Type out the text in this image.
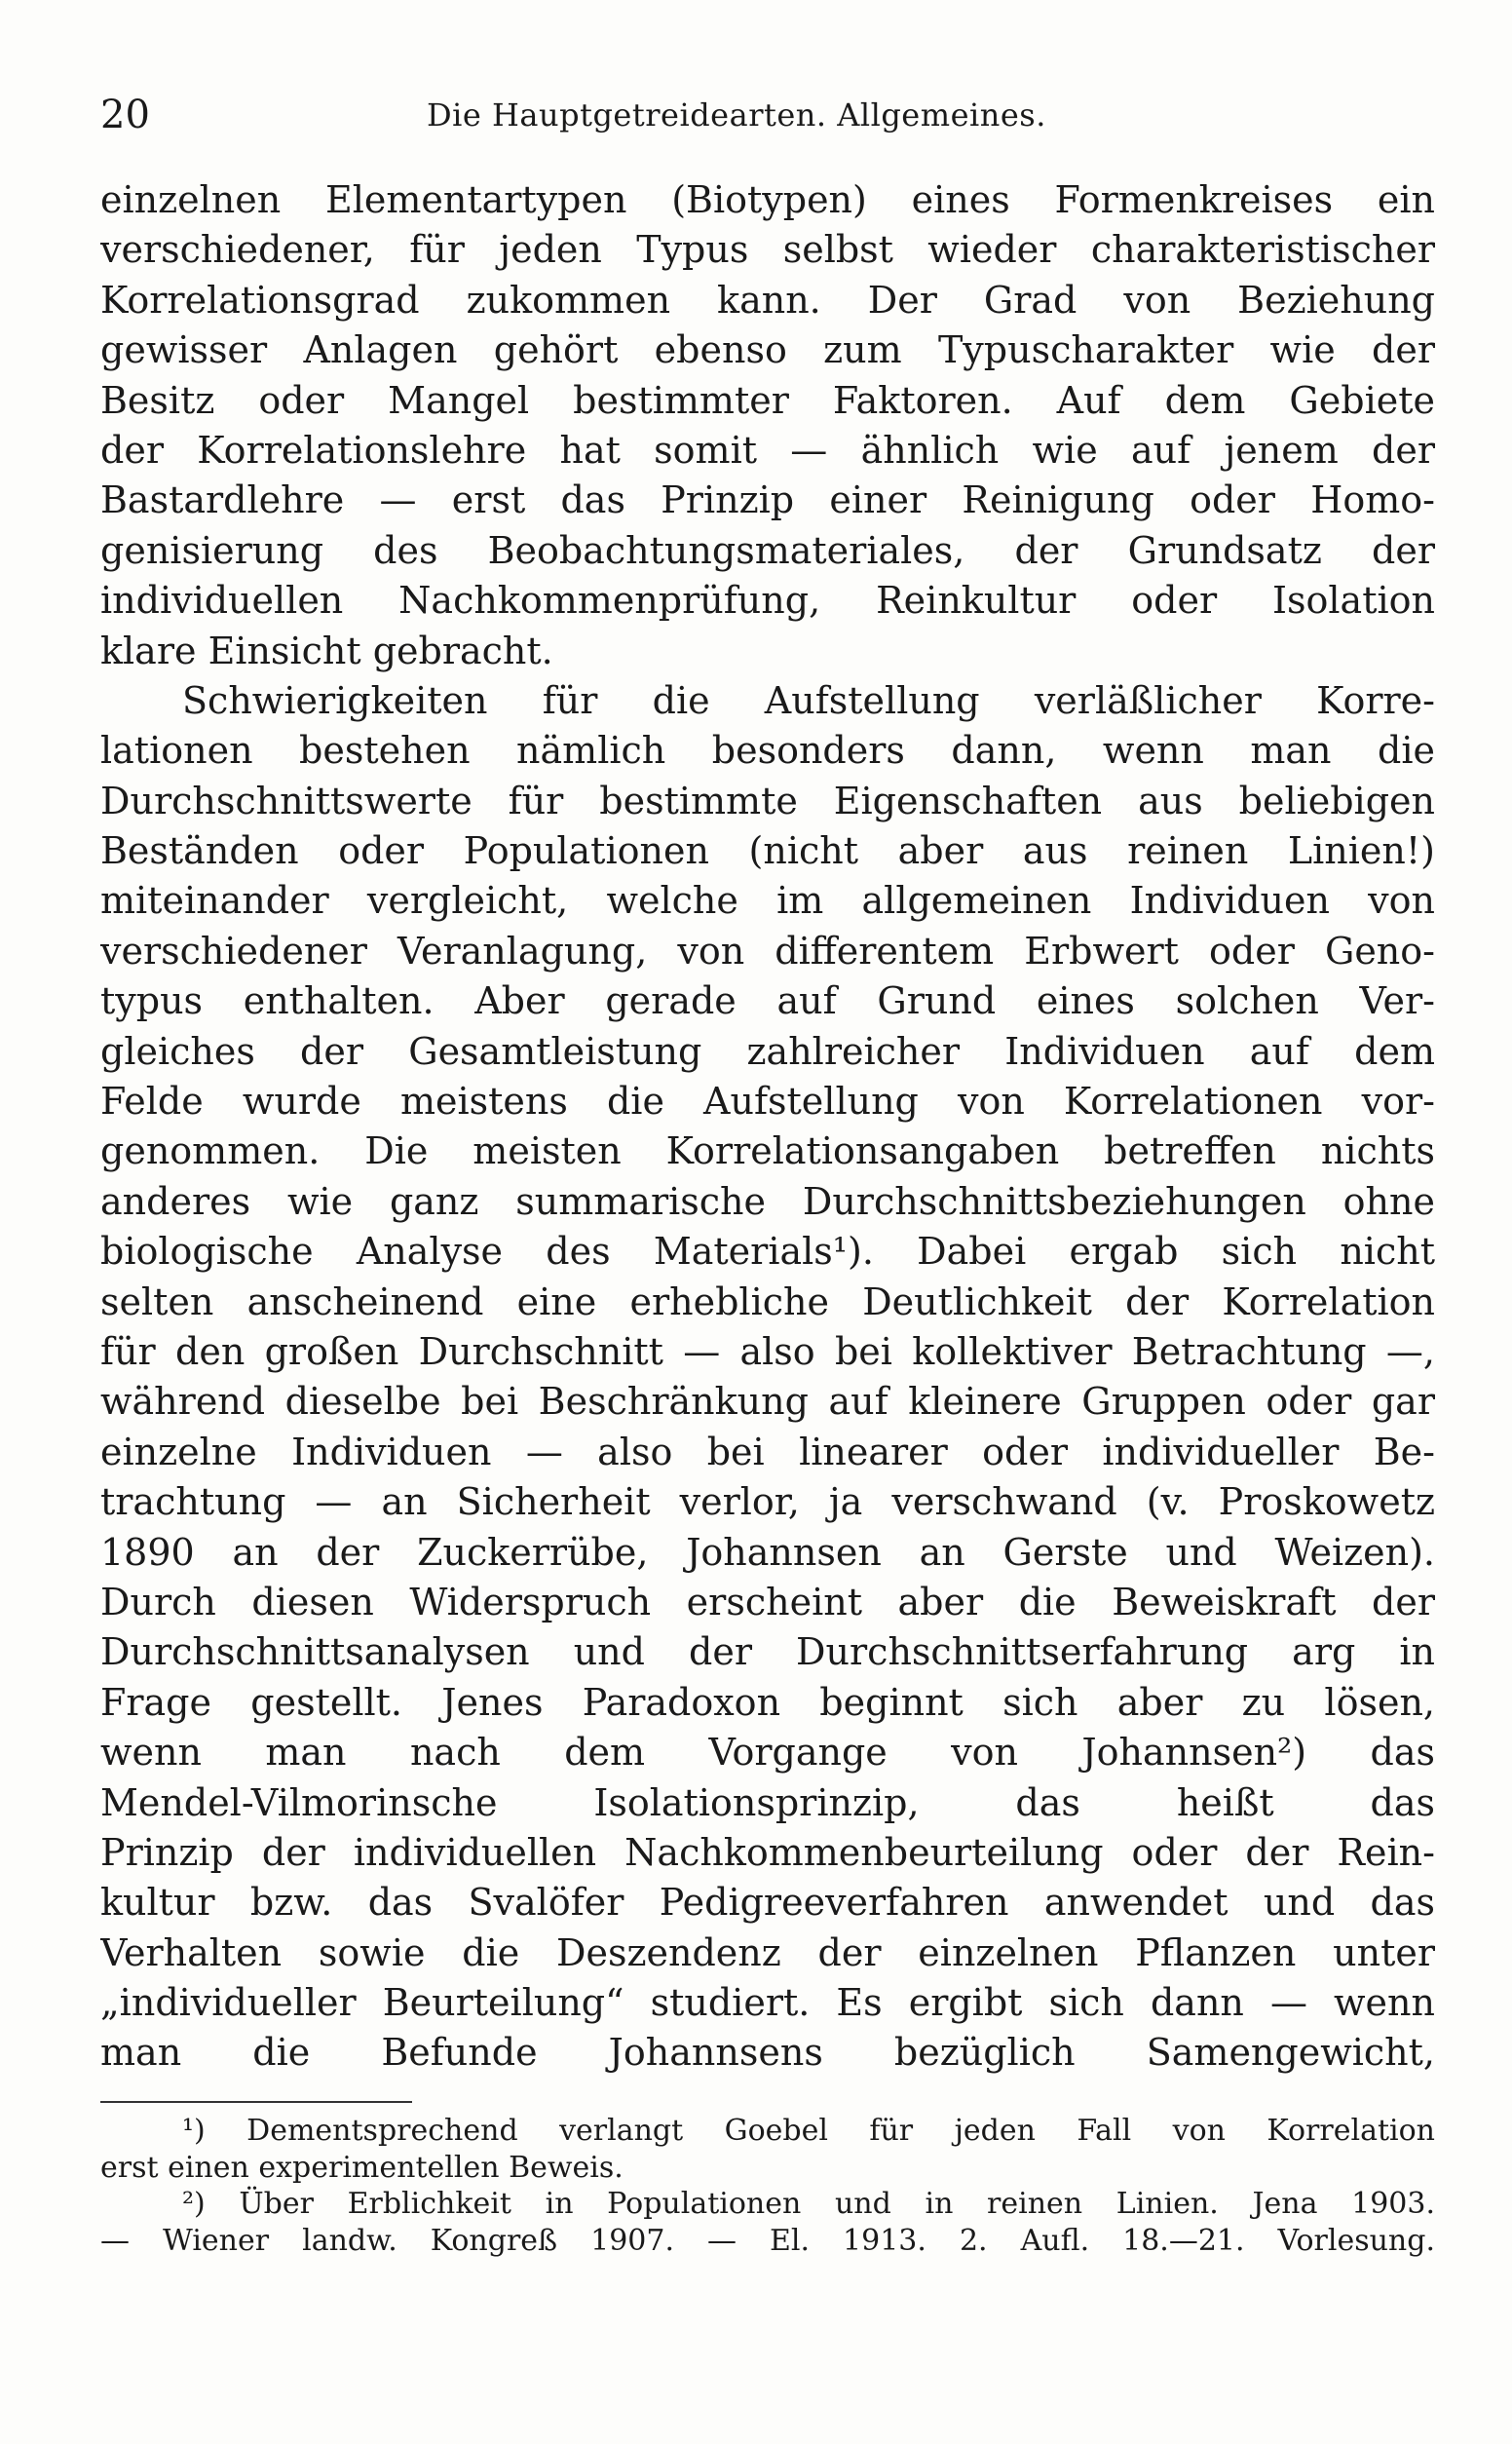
20	Die Hauptgetreidearten. Allgemeines.
einzelnen Elementartypen (Biotypen) eines Formenkreises ein
verschiedener, für jeden Typus selbst wieder charakteristischer
Korrelationsgrad zukommen kann. Der Grad von Beziehung
gewisser Anlagen gehört ebenso zum Typuscharakter wie der
Besitz oder Mangel bestimmter Faktoren. Auf dem Gebiete
der Korrelationslehre hat somit — ähnlich wie auf jenem der
Bastardlehre — erst das Prinzip einer Reinigung oder Homo-
genisierung des Beobachtungsmateriales, der Grundsatz der
individuellen Nachkommenprüfung, Reinkultur oder Isolation
klare Einsicht gebracht.
Schwierigkeiten für die Aufstellung verläßlicher Korre-
lationen bestehen nämlich besonders dann, wenn man die
Durchschnittswerte für bestimmte Eigenschaften aus beliebigen
Beständen oder Populationen (nicht aber aus reinen Linien!)
miteinander vergleicht, welche im allgemeinen Individuen von
verschiedener Veranlagung, von differentem Erbwert oder Geno-
typus enthalten. Aber gerade auf Grund eines solchen Ver-
gleiches der Gesamtleistung zahlreicher Individuen auf dem
Felde wurde meistens die Aufstellung von Korrelationen vor-
genommen. Die meisten Korrelationsangaben betreffen nichts
anderes wie ganz summarische Durchschnittsbeziehungen ohne
biologische Analyse des Materials¹). Dabei ergab sich nicht
selten anscheinend eine erhebliche Deutlichkeit der Korrelation
für den großen Durchschnitt — also bei kollektiver Betrachtung —,
während dieselbe bei Beschränkung auf kleinere Gruppen oder gar
einzelne Individuen — also bei linearer oder individueller Be-
trachtung — an Sicherheit verlor, ja verschwand (v. Proskowetz
1890 an der Zuckerrübe, Johannsen an Gerste und Weizen).
Durch diesen Widerspruch erscheint aber die Beweiskraft der
Durchschnittsanalysen und der Durchschnittserfahrung arg in
Frage gestellt. Jenes Paradoxon beginnt sich aber zu lösen,
wenn man nach dem Vorgange von Johannsen²) das
Mendel-Vilmorinsche Isolationsprinzip, das heißt das
Prinzip der individuellen Nachkommenbeurteilung oder der Rein-
kultur bzw. das Svalöfer Pedigreeverfahren anwendet und das
Verhalten sowie die Deszendenz der einzelnen Pflanzen unter
„individueller Beurteilung“ studiert. Es ergibt sich dann — wenn
man die Befunde Johannsens bezüglich Samengewicht,
¹) Dementsprechend verlangt Goebel für jeden Fall von Korrelation
erst einen experimentellen Beweis.
²) Über Erblichkeit in Populationen und in reinen Linien. Jena 1903.
— Wiener landw. Kongreß 1907. — El. 1913. 2. Aufl. 18.—21. Vorlesung.
